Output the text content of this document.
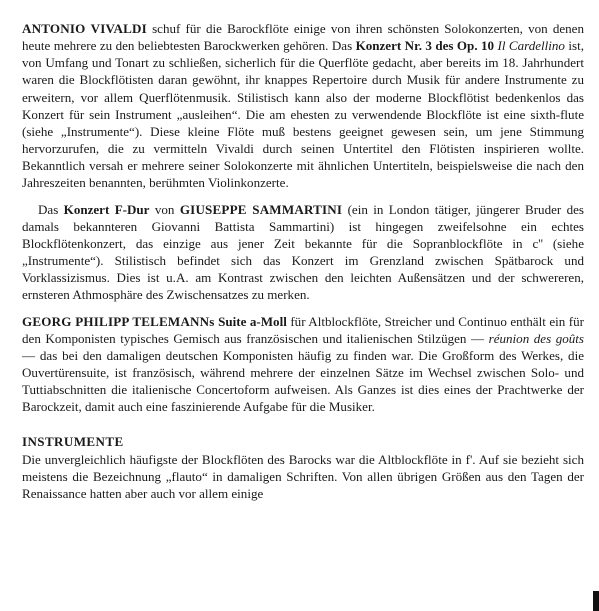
ANTONIO VIVALDI schuf für die Barockflöte einige von ihren schönsten Solokonzerten, von denen heute mehrere zu den beliebtesten Barockwerken gehören. Das Konzert Nr. 3 des Op. 10 Il Cardellino ist, von Umfang und Tonart zu schließen, sicherlich für die Querflöte gedacht, aber bereits im 18. Jahrhundert waren die Blockflötisten daran gewöhnt, ihr knappes Repertoire durch Musik für andere Instrumente zu erweitern, vor allem Querflötenmusik. Stilistisch kann also der moderne Blockflötist bedenkenlos das Konzert für sein Instrument „ausleihen“. Die am ehesten zu verwendende Blockflöte ist eine sixth-flute (siehe „Instrumente“). Diese kleine Flöte muß bestens geeignet gewesen sein, um jene Stimmung hervorzurufen, die zu vermitteln Vivaldi durch seinen Untertitel den Flötisten inspirieren wollte. Bekanntlich versah er mehrere seiner Solokonzerte mit ähnlichen Untertiteln, beispielsweise die nach den Jahreszeiten benannten, berühmten Violinkonzerte.

Das Konzert F-Dur von GIUSEPPE SAMMARTINI (ein in London tätiger, jüngerer Bruder des damals bekannteren Giovanni Battista Sammartini) ist hingegen zweifelsohne ein echtes Blockflötenkonzert, das einzige aus jener Zeit bekannte für die Sopranblockflöte in c'' (siehe „Instrumente“). Stilistisch befindet sich das Konzert im Grenzland zwischen Spätbarock und Vorklassizismus. Dies ist u.A. am Kontrast zwischen den leichten Außensätzen und der schwereren, ernsteren Athmosphäre des Zwischensatzes zu merken.

GEORG PHILIPP TELEMANNs Suite a-Moll für Altblockflöte, Streicher und Continuo enthält ein für den Komponisten typisches Gemisch aus französischen und italienischen Stilzügen — réunion des goûts — das bei den damaligen deutschen Komponisten häufig zu finden war. Die Großform des Werkes, die Ouvertürensuite, ist französisch, während mehrere der einzelnen Sätze im Wechsel zwischen Solo- und Tuttiabschnitten die italienische Concertoform aufweisen. Als Ganzes ist dies eines der Prachtwerke der Barockzeit, damit auch eine faszinierende Aufgabe für die Musiker.

INSTRUMENTE

Die unvergleichlich häufigste der Blockflöten des Barocks war die Altblockflöte in f'. Auf sie bezieht sich meistens die Bezeichnung „flauto“ in damaligen Schriften. Von allen übrigen Größen aus den Tagen der Renaissance hatten aber auch vor allem einige
